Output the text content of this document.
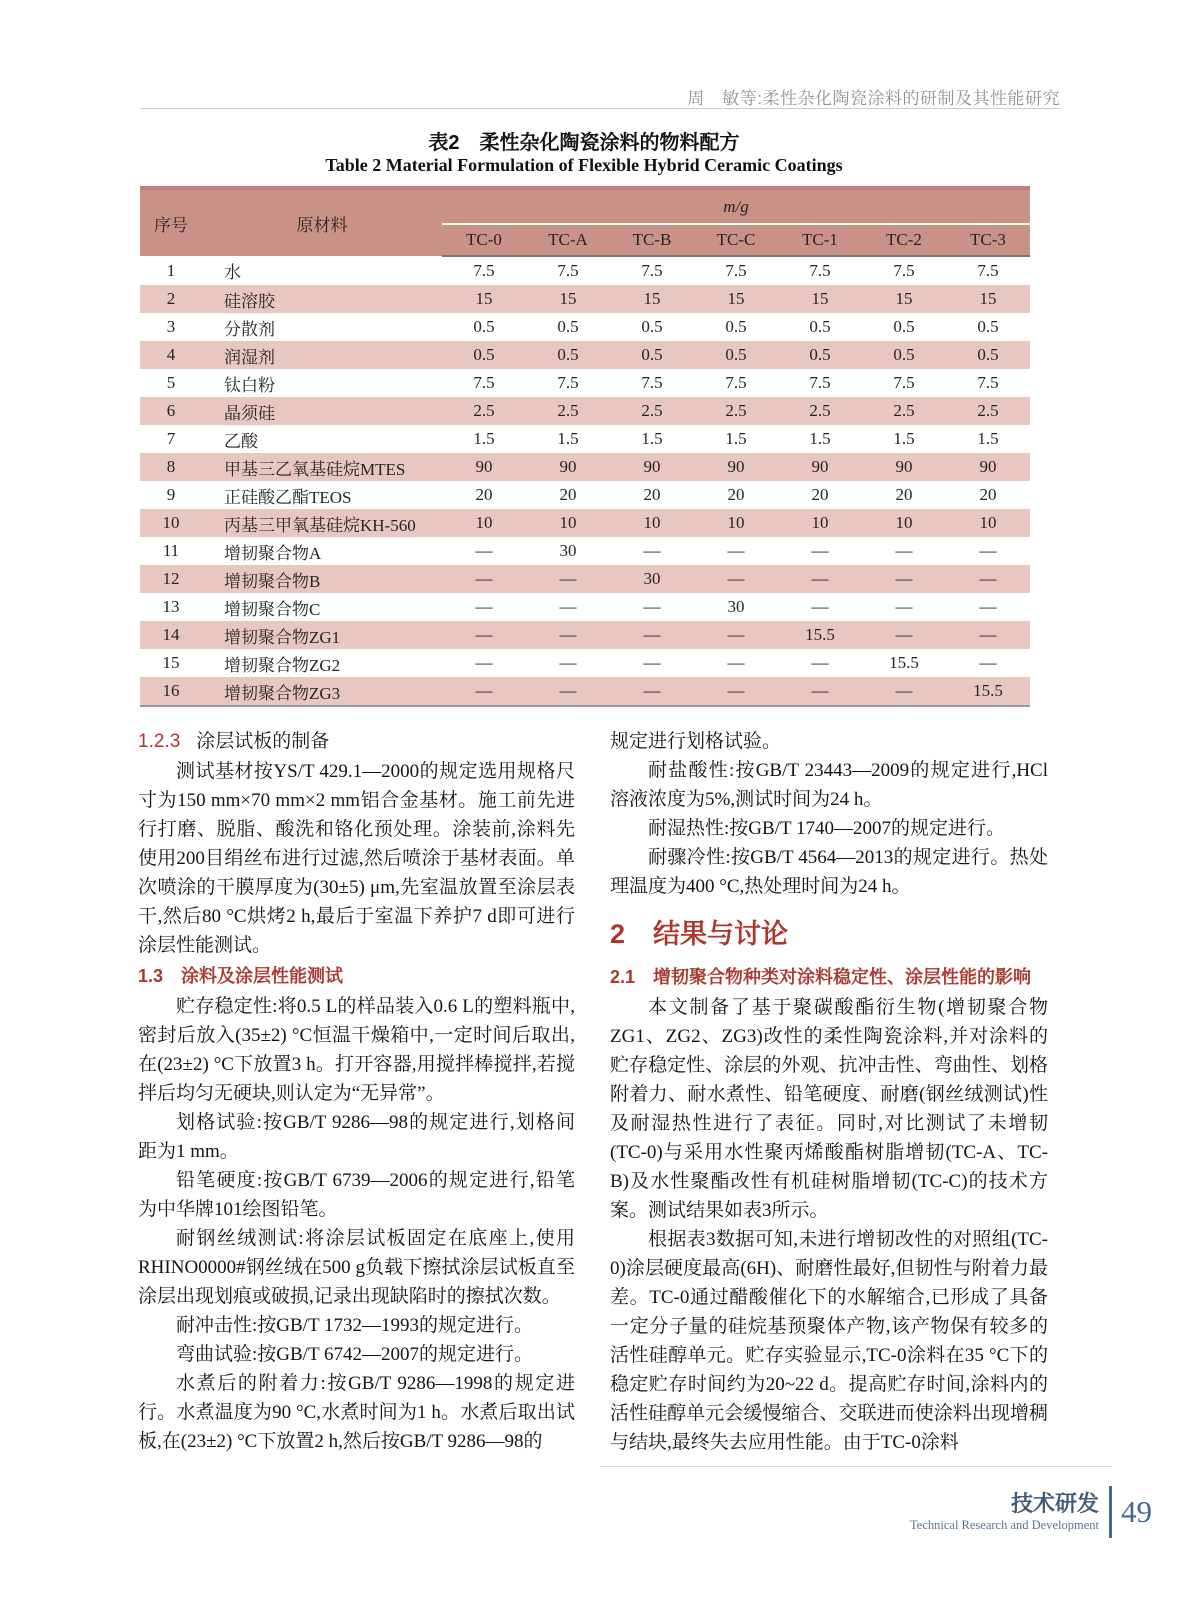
周　敏等:柔性杂化陶瓷涂料的研制及其性能研究
表2　柔性杂化陶瓷涂料的物料配方
Table 2 Material Formulation of Flexible Hybrid Ceramic Coatings
序号	原材料	m/g						
		TC-0	TC-A	TC-B	TC-C	TC-1	TC-2	TC-3
1	水	7.5	7.5	7.5	7.5	7.5	7.5	7.5
2	硅溶胶	15	15	15	15	15	15	15
3	分散剂	0.5	0.5	0.5	0.5	0.5	0.5	0.5
4	润湿剂	0.5	0.5	0.5	0.5	0.5	0.5	0.5
5	钛白粉	7.5	7.5	7.5	7.5	7.5	7.5	7.5
6	晶须硅	2.5	2.5	2.5	2.5	2.5	2.5	2.5
7	乙酸	1.5	1.5	1.5	1.5	1.5	1.5	1.5
8	甲基三乙氧基硅烷MTES	90	90	90	90	90	90	90
9	正硅酸乙酯TEOS	20	20	20	20	20	20	20
10	丙基三甲氧基硅烷KH-560	10	10	10	10	10	10	10
11	增韧聚合物A	—	30	—	—	—	—	—
12	增韧聚合物B	—	—	30	—	—	—	—
13	增韧聚合物C	—	—	—	30	—	—	—
14	增韧聚合物ZG1	—	—	—	—	15.5	—	—
15	增韧聚合物ZG2	—	—	—	—	—	15.5	—
16	增韧聚合物ZG3	—	—	—	—	—	—	15.5
1.2.3 涂层试板的制备

测试基材按YS/T 429.1—2000的规定选用规格尺寸为150 mm×70 mm×2 mm铝合金基材。施工前先进行打磨、脱脂、酸洗和铬化预处理。涂装前,涂料先使用200目绢丝布进行过滤,然后喷涂于基材表面。单次喷涂的干膜厚度为(30±5) μm,先室温放置至涂层表干,然后80 °C烘烤2 h,最后于室温下养护7 d即可进行涂层性能测试。

1.3　涂料及涂层性能测试

贮存稳定性:将0.5 L的样品装入0.6 L的塑料瓶中,密封后放入(35±2) °C恒温干燥箱中,一定时间后取出,在(23±2) °C下放置3 h。打开容器,用搅拌棒搅拌,若搅拌后均匀无硬块,则认定为“无异常”。

划格试验:按GB/T 9286—98的规定进行,划格间距为1 mm。

铅笔硬度:按GB/T 6739—2006的规定进行,铅笔为中华牌101绘图铅笔。

耐钢丝绒测试:将涂层试板固定在底座上,使用RHINO0000#钢丝绒在500 g负载下擦拭涂层试板直至涂层出现划痕或破损,记录出现缺陷时的擦拭次数。

耐冲击性:按GB/T 1732—1993的规定进行。

弯曲试验:按GB/T 6742—2007的规定进行。

水煮后的附着力:按GB/T 9286—1998的规定进行。水煮温度为90 °C,水煮时间为1 h。水煮后取出试板,在(23±2) °C下放置2 h,然后按GB/T 9286—98的

规定进行划格试验。

耐盐酸性:按GB/T 23443—2009的规定进行,HCl溶液浓度为5%,测试时间为24 h。

耐湿热性:按GB/T 1740—2007的规定进行。

耐骤冷性:按GB/T 4564—2013的规定进行。热处理温度为400 °C,热处理时间为24 h。

2 结果与讨论
2.1　增韧聚合物种类对涂料稳定性、涂层性能的影响

本文制备了基于聚碳酸酯衍生物(增韧聚合物ZG1、ZG2、ZG3)改性的柔性陶瓷涂料,并对涂料的贮存稳定性、涂层的外观、抗冲击性、弯曲性、划格附着力、耐水煮性、铅笔硬度、耐磨(钢丝绒测试)性及耐湿热性进行了表征。同时,对比测试了未增韧(TC-0)与采用水性聚丙烯酸酯树脂增韧(TC-A、TC-B)及水性聚酯改性有机硅树脂增韧(TC-C)的技术方案。测试结果如表3所示。

根据表3数据可知,未进行增韧改性的对照组(TC-0)涂层硬度最高(6H)、耐磨性最好,但韧性与附着力最差。TC-0通过醋酸催化下的水解缩合,已形成了具备一定分子量的硅烷基预聚体产物,该产物保有较多的活性硅醇单元。贮存实验显示,TC-0涂料在35 °C下的稳定贮存时间约为20~22 d。提高贮存时间,涂料内的活性硅醇单元会缓慢缩合、交联进而使涂料出现增稠与结块,最终失去应用性能。由于TC-0涂料

技术研发
Technical Research and Development 49
